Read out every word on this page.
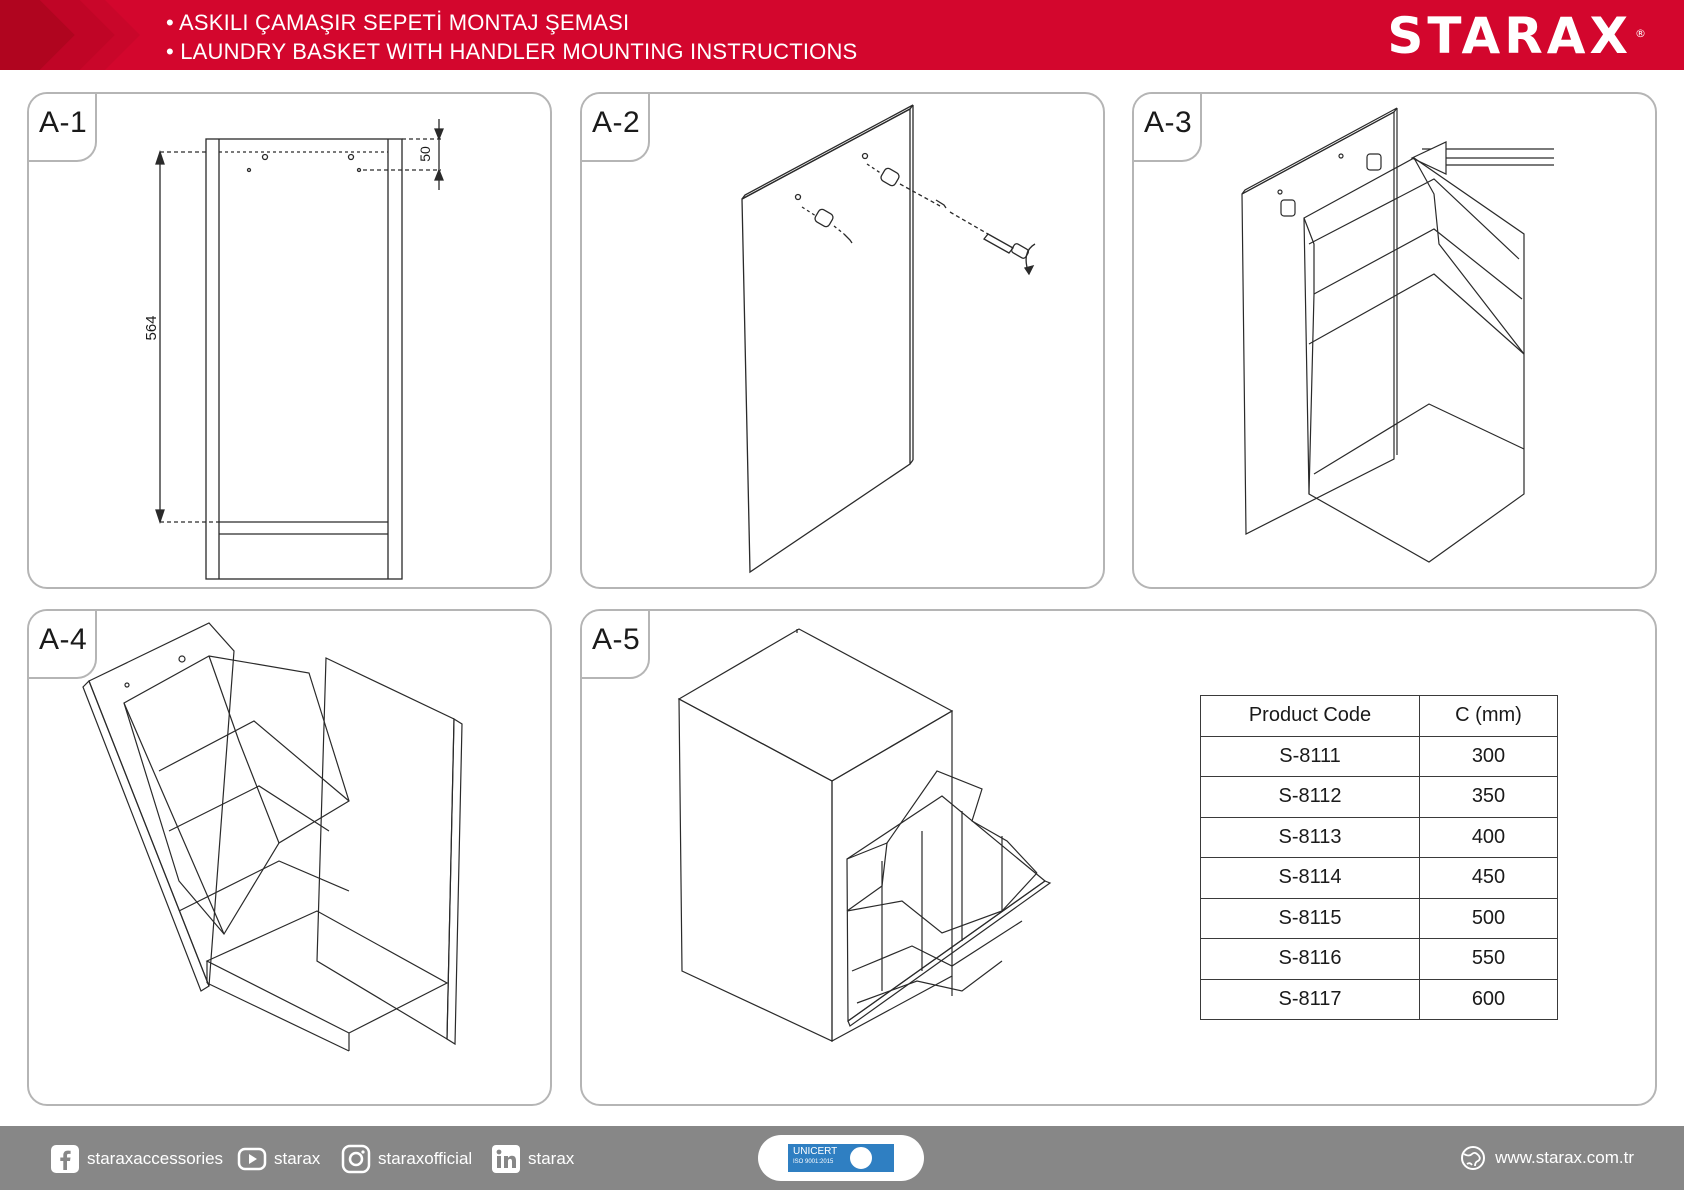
• ASKILI ÇAMAŞIR SEPETİ MONTAJ ŞEMASI
• LAUNDRY BASKET WITH HANDLER MOUNTING INSTRUCTIONS	STARAX ®
50
564
A-1	A-2	A-3
A-4
Product Code	C (mm)
S-8111	300
S-8112	350
S-8113	400
S-8114	450
S-8115	500
S-8116	550
S-8117	600
A-5
staraxaccessories	starax	staraxofficial	starax	UNICERT
ISO 9001:2015	www.starax.com.tr
